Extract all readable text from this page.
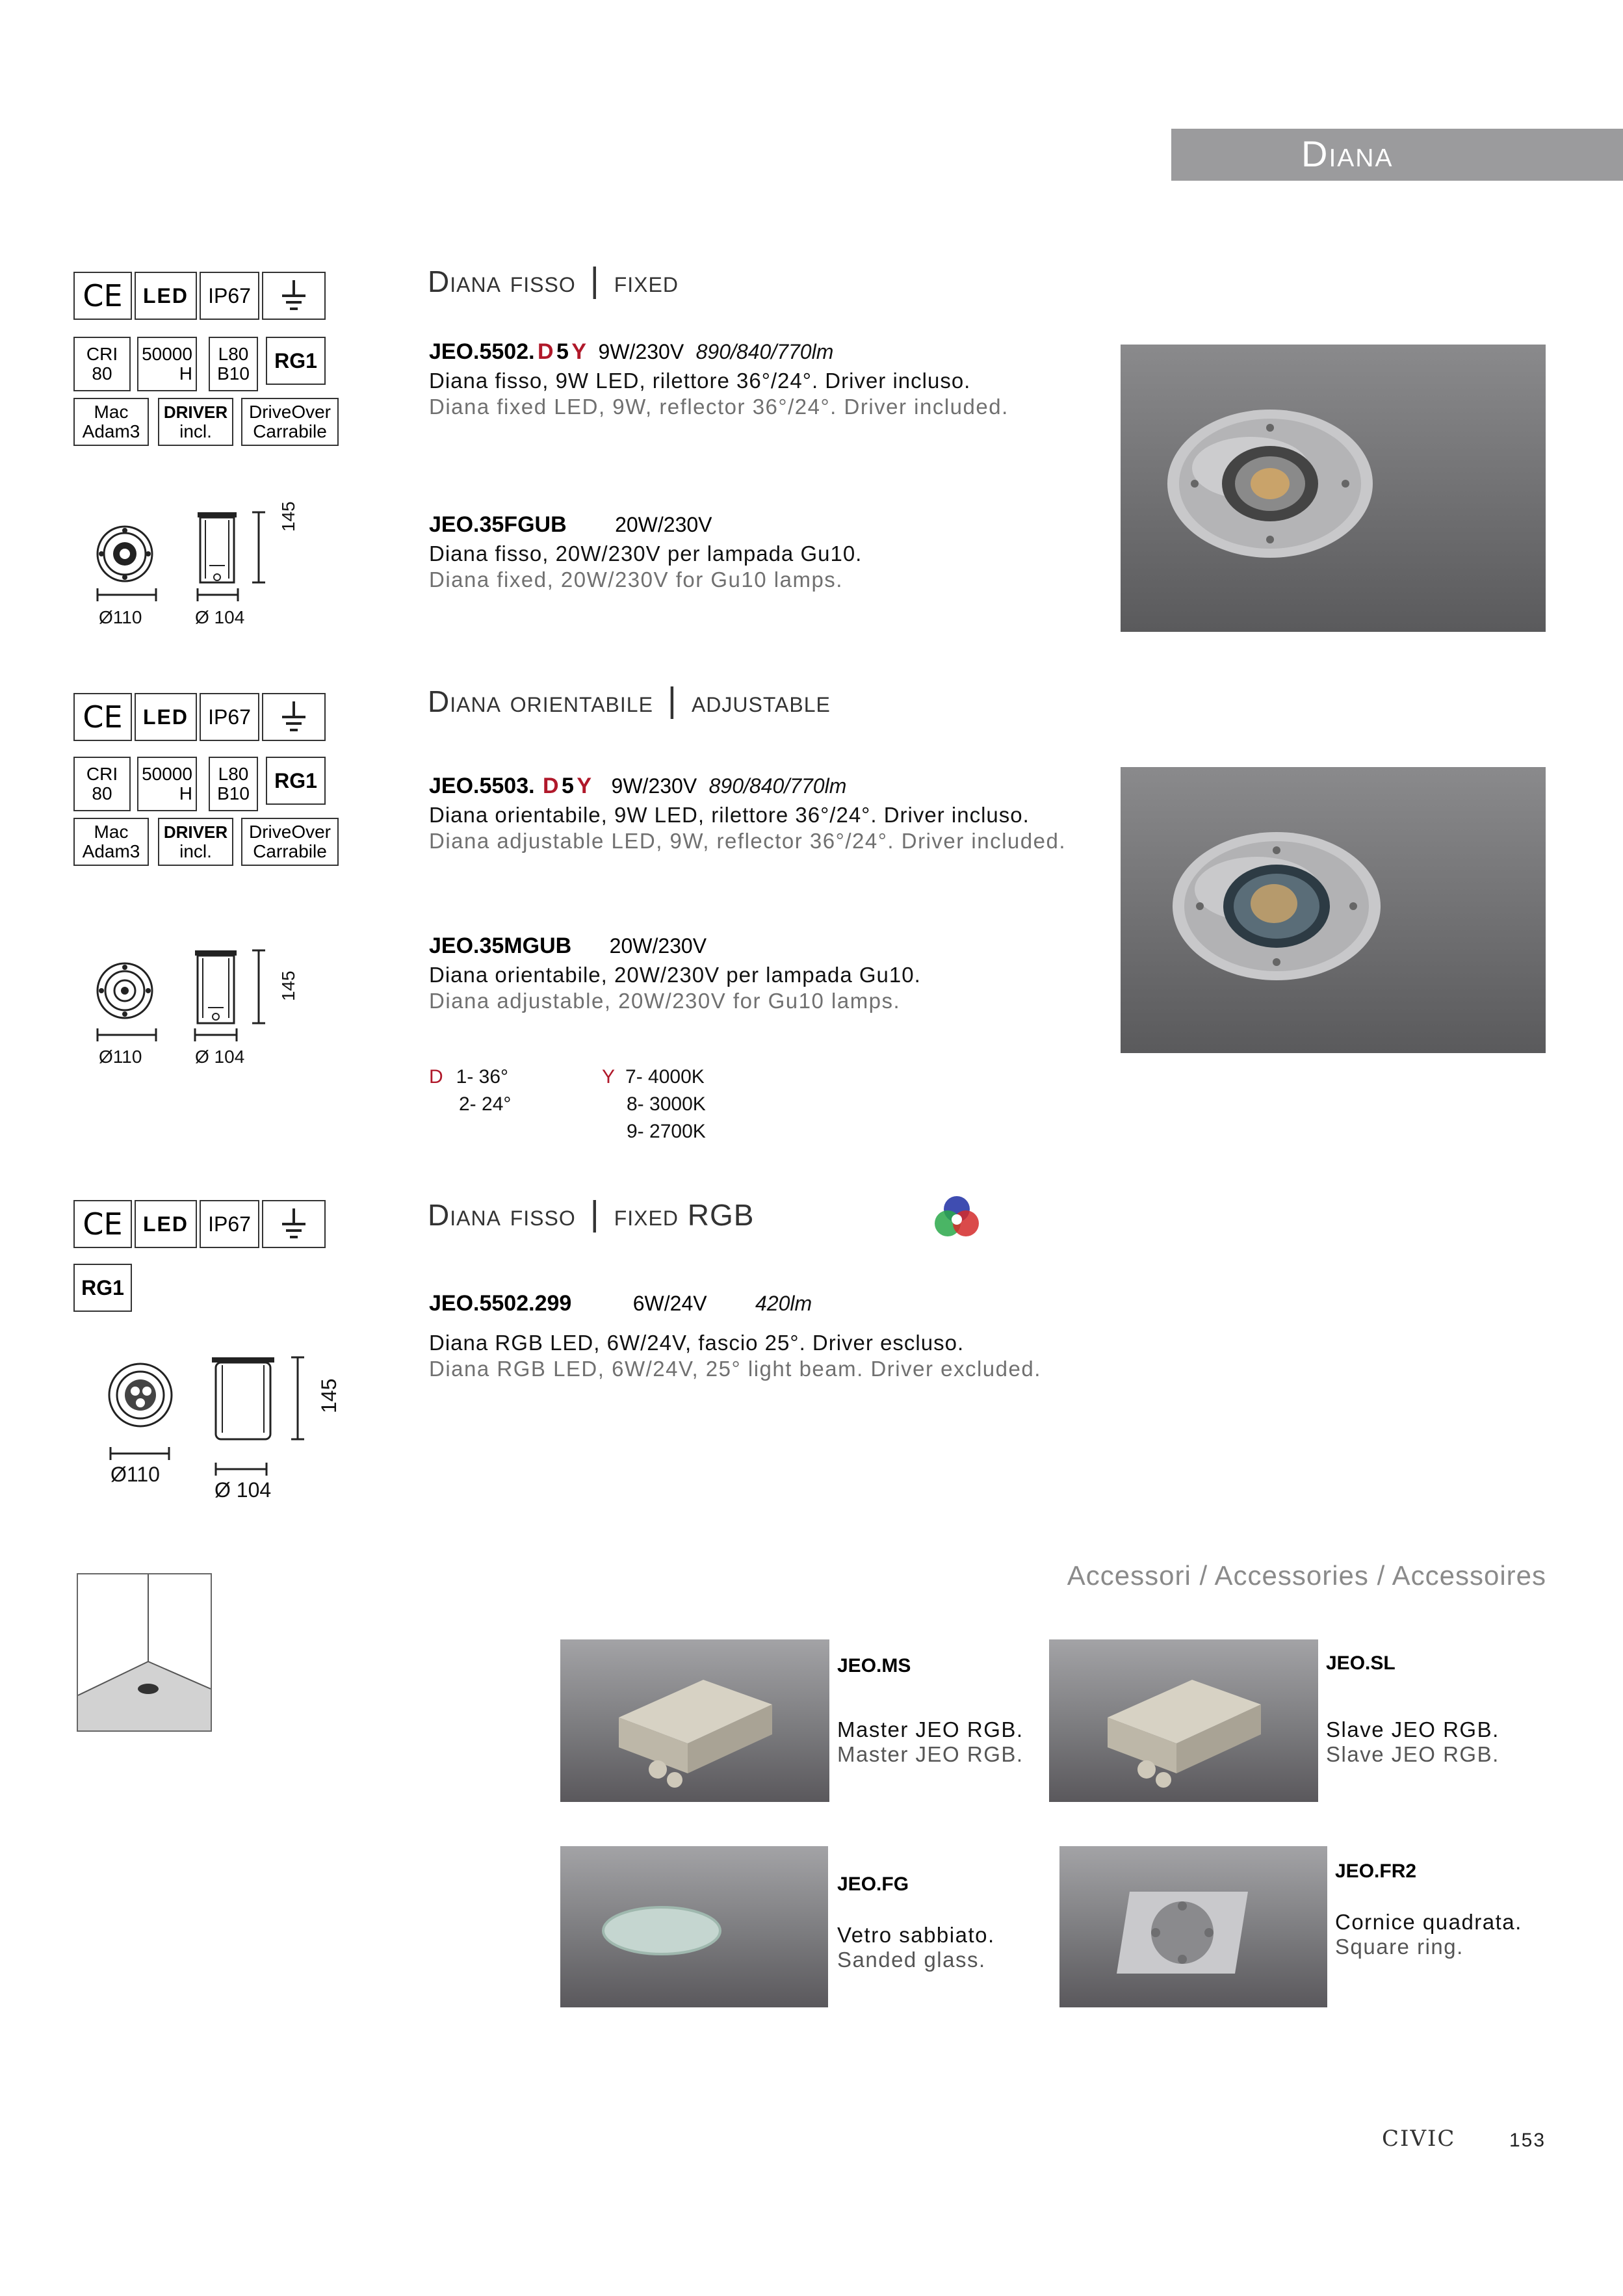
Diana
Diana fisso | fixed
CE LED IP67
CRI
80
50000
H
L80
B10
RG1
Mac
Adam3
DRIVER
incl.
DriveOver
Carrabile
Ø110	Ø 104
145
JEO.5502. D 5 Y 9W/230V 890/840/770lm
Diana fisso, 9W LED, rilettore 36°/24°. Driver incluso.
Diana fixed LED, 9W, reflector 36°/24°. Driver included.
JEO.35FGUB 20W/230V
Diana fisso, 20W/230V per lampada Gu10.
Diana fixed, 20W/230V for Gu10 lamps.
Diana orientabile | adjustable
CE LED IP67
CRI
80
50000
H
L80
B10
RG1
Mac
Adam3
DRIVER
incl.
DriveOver
Carrabile
Ø110	Ø 104
145
JEO.5503. D 5 Y 9W/230V 890/840/770lm
Diana orientabile, 9W LED, rilettore 36°/24°. Driver incluso.
Diana adjustable LED, 9W, reflector 36°/24°. Driver included.
JEO.35MGUB 20W/230V
Diana orientabile, 20W/230V per lampada Gu10.
Diana adjustable, 20W/230V for Gu10 lamps.
D 1- 36°
2- 24°
Y 7- 4000K
8- 3000K
9- 2700K
Diana fisso | fixed RGB
CE LED IP67
RG1
Ø110
Ø 104
145
JEO.5502.299	6W/24V 420lm
Diana RGB LED, 6W/24V, fascio 25°. Driver escluso.
Diana RGB LED, 6W/24V, 25° light beam. Driver excluded.
Accessori / Accessories / Accessoires
JEO.MS
Master JEO RGB.
Master JEO RGB.
JEO.SL
Slave JEO RGB.
Slave JEO RGB.
JEO.FG
Vetro sabbiato.
Sanded glass.
JEO.FR2
Cornice quadrata.
Square ring.
CIVIC	153
